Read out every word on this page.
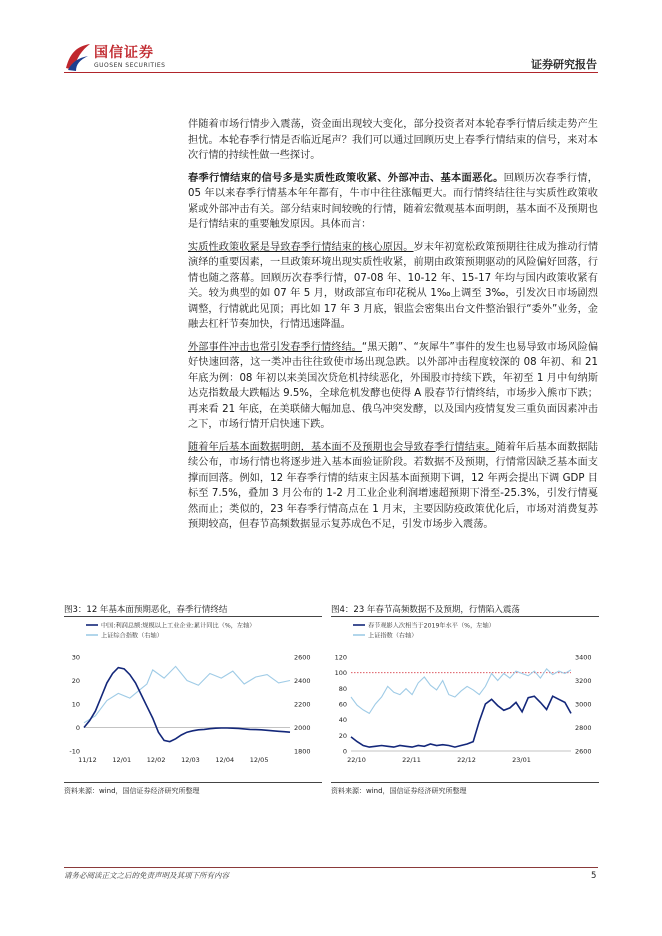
国信证券
GUOSEN SECURITIES	证券研究报告

伴随着市场行情步入震荡，资金面出现较大变化，部分投资者对本轮春季行情后续走势产生担忧。本轮春季行情是否临近尾声？我们可以通过回顾历史上春季行情结束的信号，来对本次行情的持续性做一些探讨。

春季行情结束的信号多是实质性政策收紧、外部冲击、基本面恶化。回顾历次春季行情，05 年以来春季行情基本年年都有，牛市中往往涨幅更大。而行情终结往往与实质性政策收紧或外部冲击有关。部分结束时间较晚的行情，随着宏微观基本面明朗，基本面不及预期也是行情结束的重要触发原因。具体而言：

实质性政策收紧是导致春季行情结束的核心原因。岁末年初宽松政策预期往往成为推动行情演绎的重要因素，一旦政策环境出现实质性收紧，前期由政策预期驱动的风险偏好回落，行情也随之落幕。回顾历次春季行情，07-08 年、10-12 年、15-17 年均与国内政策收紧有关。较为典型的如 07 年 5 月，财政部宣布印花税从 1‰上调至 3‰，引发次日市场剧烈调整，行情就此见顶；再比如 17 年 3 月底，银监会密集出台文件整治银行“委外”业务，金融去杠杆节奏加快，行情迅速降温。

外部事件冲击也常引发春季行情终结。“黑天鹅”、“灰犀牛”事件的发生也易导致市场风险偏好快速回落，这一类冲击往往致使市场出现急跌。以外部冲击程度较深的 08 年初、和 21 年底为例：08 年初以来美国次贷危机持续恶化，外围股市持续下跌，年初至 1 月中旬纳斯达克指数最大跌幅达 9.5%，全球危机发酵也使得 A 股春节行情终结，市场步入熊市下跌；再来看 21 年底，在美联储大幅加息、俄乌冲突发酵，以及国内疫情复发三重负面因素冲击之下，市场行情开启快速下跌。

随着年后基本面数据明朗，基本面不及预期也会导致春季行情结束。随着年后基本面数据陆续公布，市场行情也将逐步进入基本面验证阶段。若数据不及预期，行情常因缺乏基本面支撑而回落。例如，12 年春季行情的结束主因基本面预期下调，12 年两会提出下调 GDP 目标至 7.5%，叠加 3 月公布的 1-2 月工业企业利润增速超预期下滑至-25.3%，引发行情戛然而止；类似的，23 年春季行情高点在 1 月末，主要因防疫政策优化后，市场对消费复苏预期较高，但春节高频数据显示复苏成色不足，引发市场步入震荡。

图3：12 年基本面预期恶化，春季行情终结
30
20
10
0
-10
2600
2400
2200
2000
1800
11/12 12/01 12/02 12/03 12/04 12/05
中国:利润总额:规模以上工业企业:累计同比（%，左轴）
上证综合指数（右轴）
资料来源：wind，国信证券经济研究所整理
图4：23 年春节高频数据不及预期，行情陷入震荡
120
100
80
60
40
20
0
3400
3200
3000
2800
2600
22/10	22/11	22/12	23/01
春节观影人次相当于2019年水平（%，左轴）
上证指数（右轴）
资料来源：wind，国信证券经济研究所整理
请务必阅读正文之后的免责声明及其项下所有内容	5
